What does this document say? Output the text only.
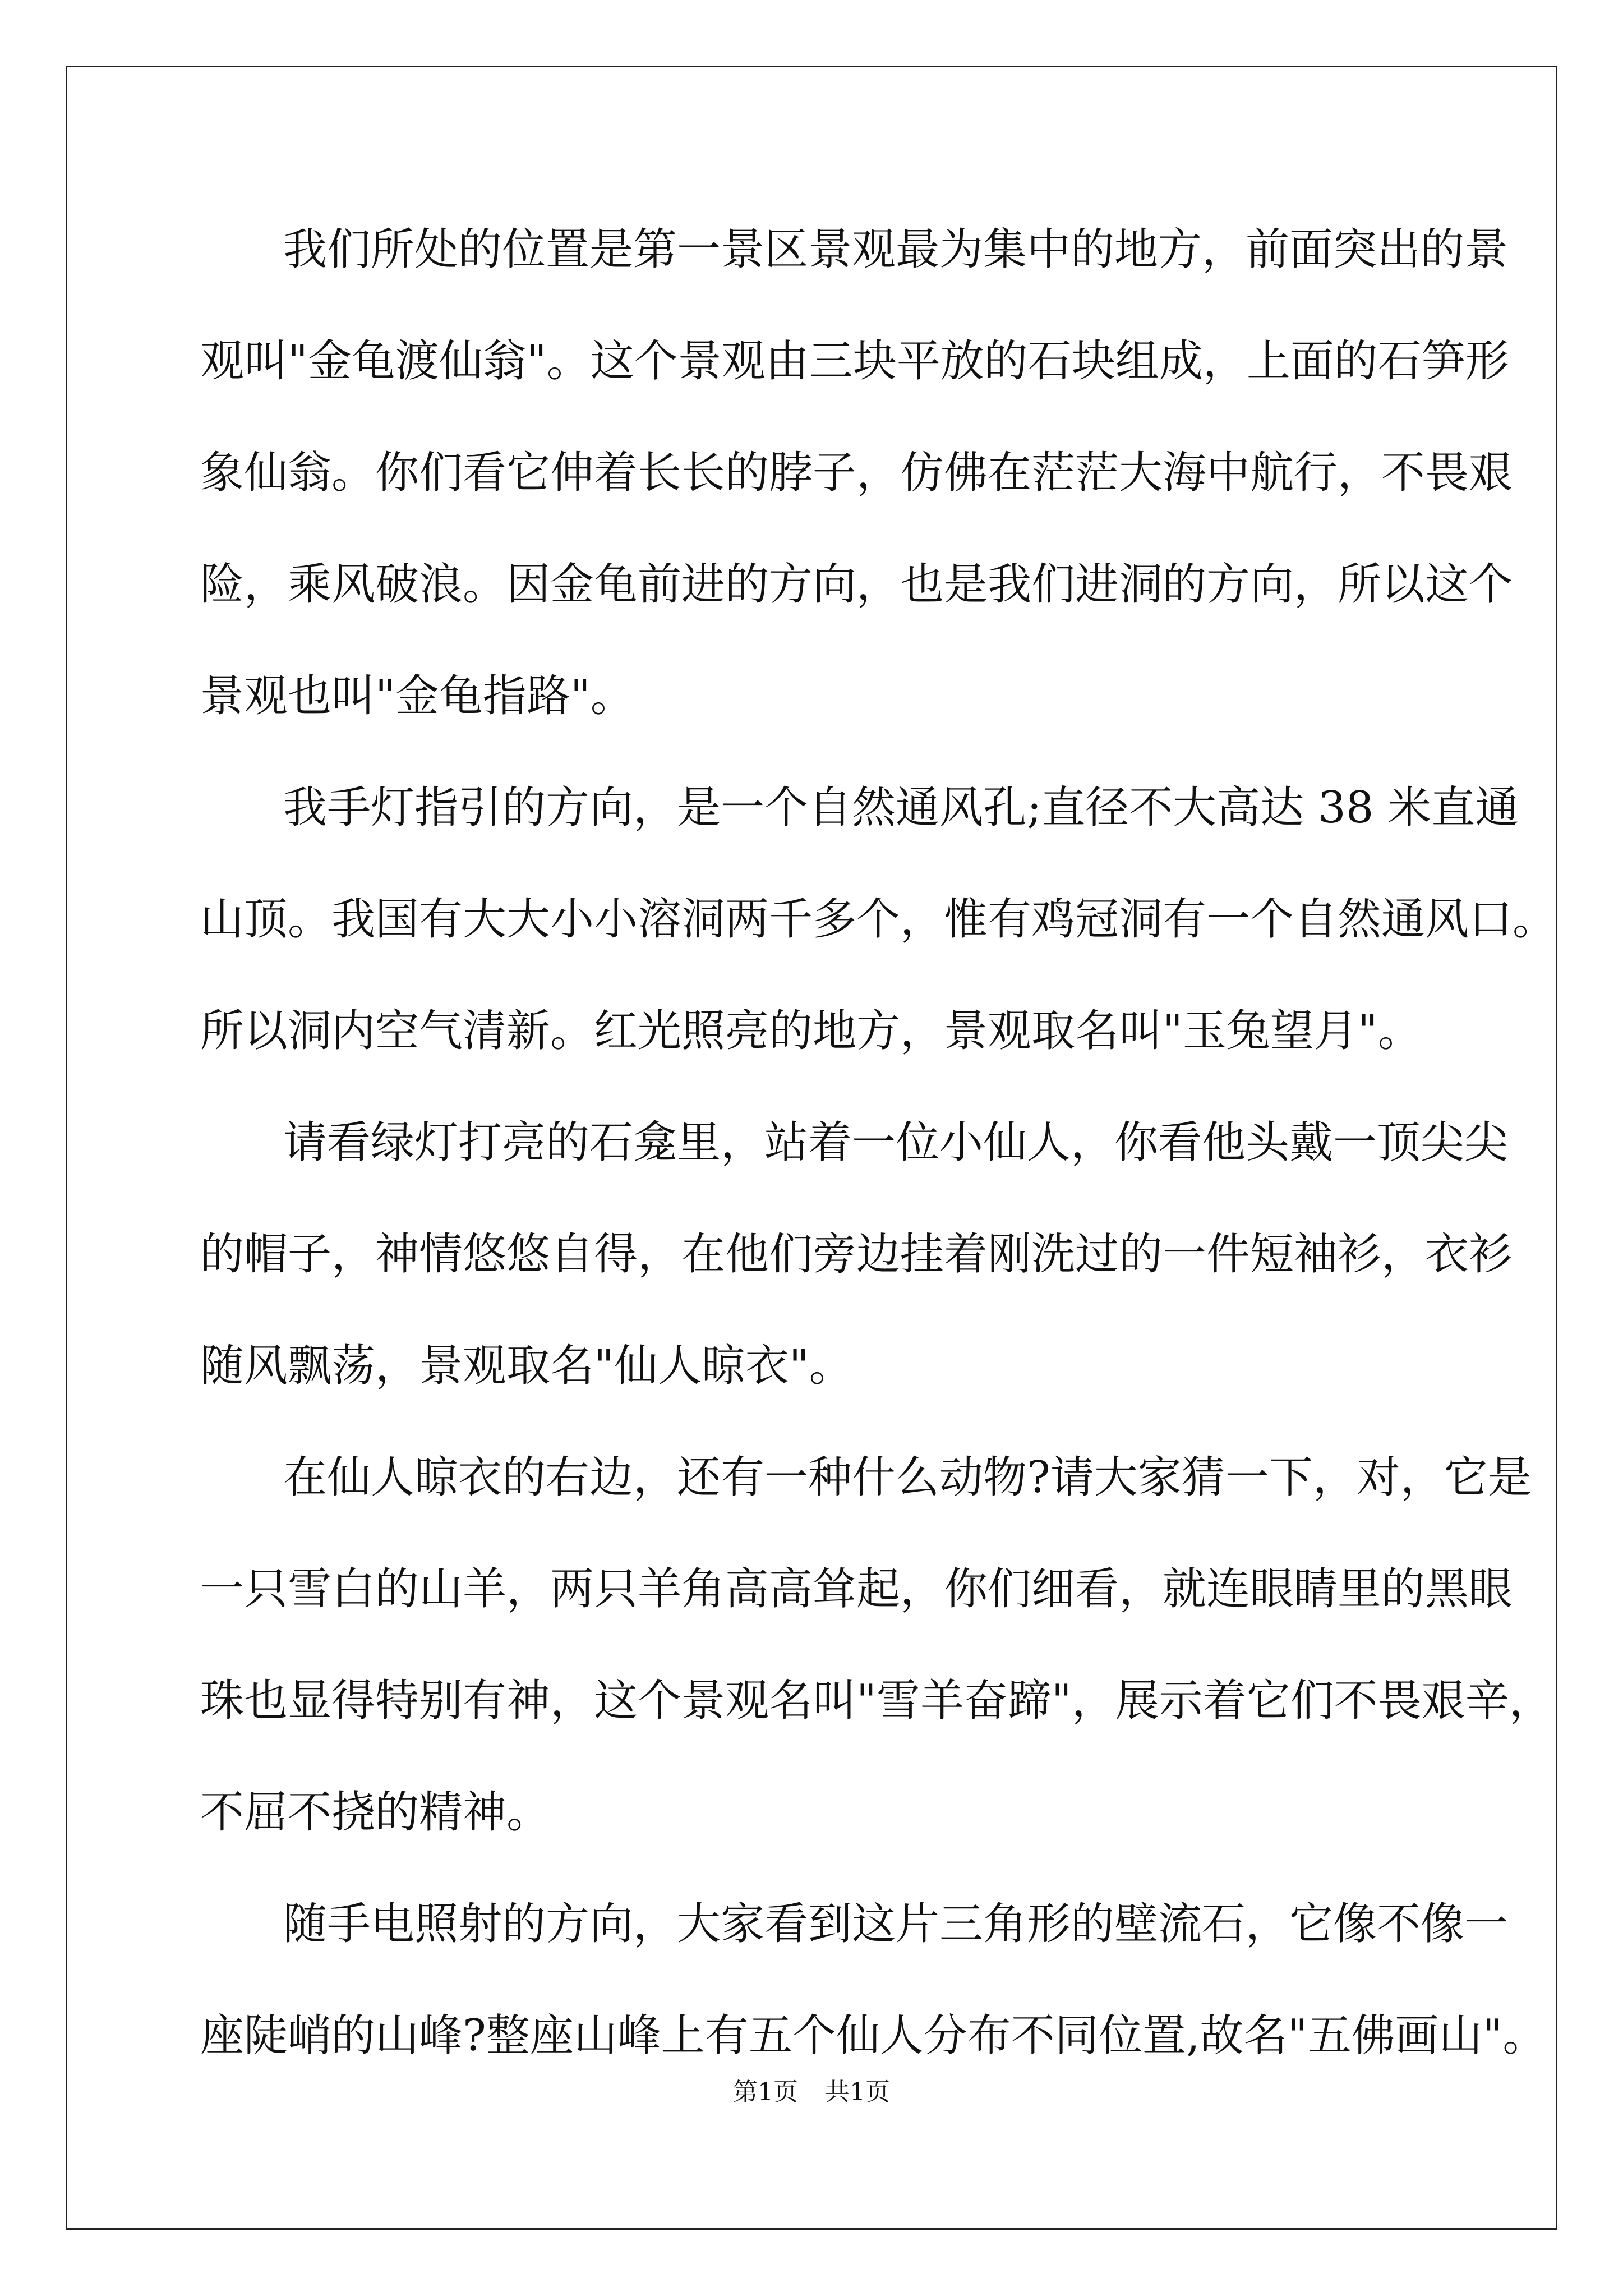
我们所处的位置是第一景区景观最为集中的地方，前面突出的景
观叫"金龟渡仙翁"。这个景观由三块平放的石块组成，上面的石笋形
象仙翁。你们看它伸着长长的脖子，仿佛在茫茫大海中航行，不畏艰
险，乘风破浪。因金龟前进的方向，也是我们进洞的方向，所以这个
景观也叫"金龟指路"。
我手灯指引的方向，是一个自然通风孔;直径不大高达 38 米直通
山顶。我国有大大小小溶洞两千多个，惟有鸡冠洞有一个自然通风口。
所以洞内空气清新。红光照亮的地方，景观取名叫"玉兔望月"。
请看绿灯打亮的石龛里，站着一位小仙人，你看他头戴一顶尖尖
的帽子，神情悠悠自得，在他们旁边挂着刚洗过的一件短袖衫，衣衫
随风飘荡，景观取名"仙人晾衣"。
在仙人晾衣的右边，还有一种什么动物?请大家猜一下，对，它是
一只雪白的山羊，两只羊角高高耸起，你们细看，就连眼睛里的黑眼
珠也显得特别有神，这个景观名叫"雪羊奋蹄"，展示着它们不畏艰辛，
不屈不挠的精神。
随手电照射的方向，大家看到这片三角形的壁流石，它像不像一
座陡峭的山峰?整座山峰上有五个仙人分布不同位置,故名"五佛画山"。
第1页 共1页
